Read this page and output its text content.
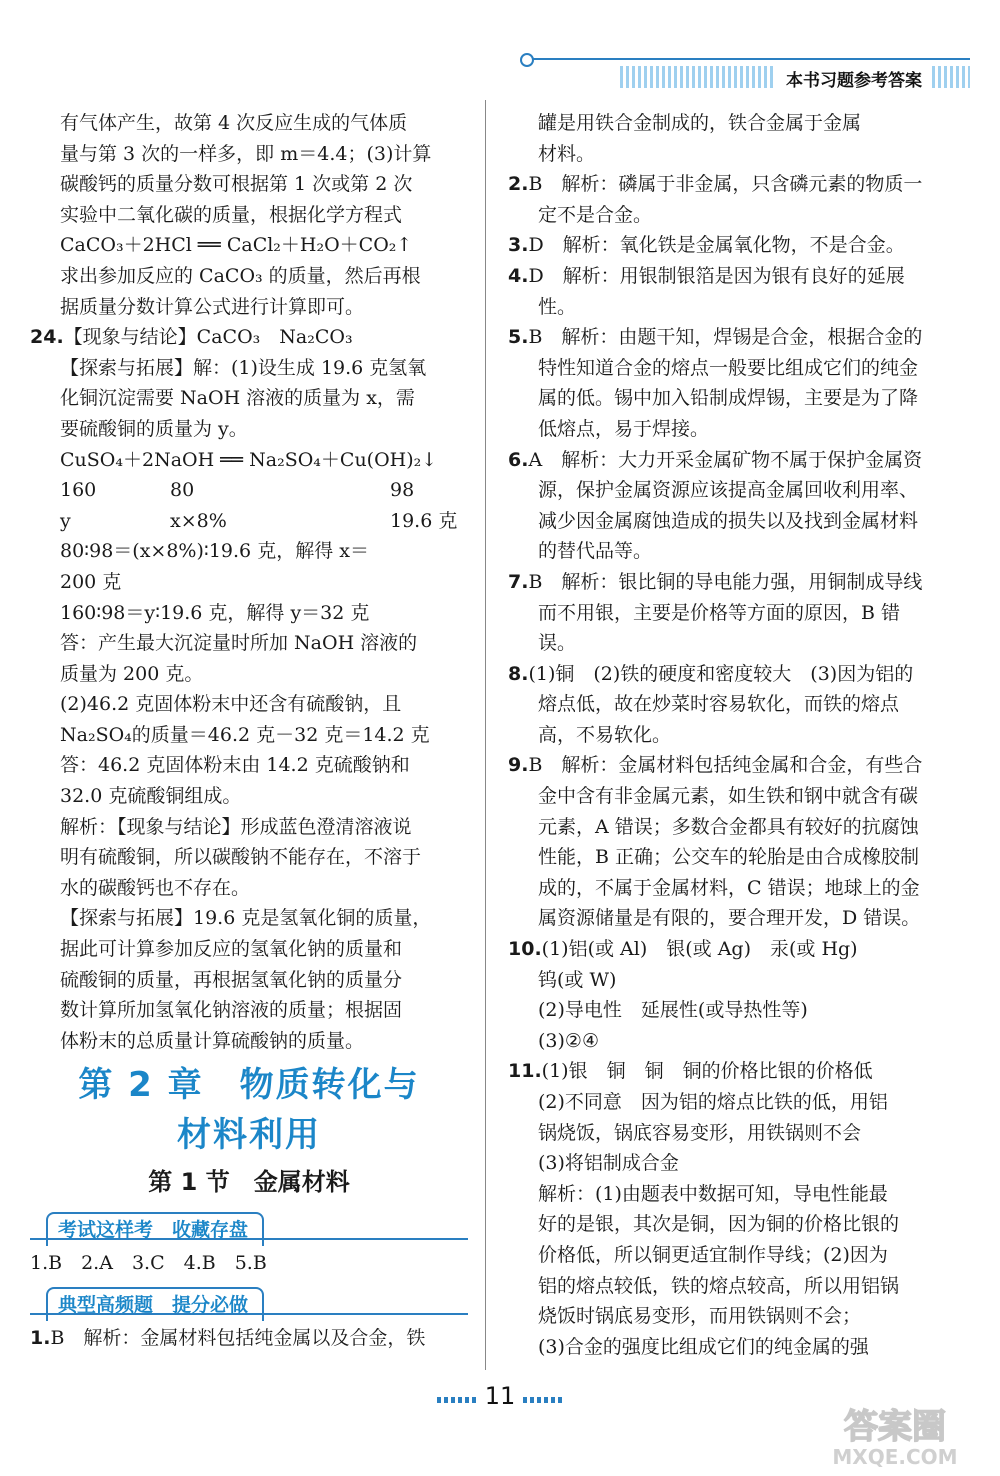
本书习题参考答案

有气体产生，故第 4 次反应生成的气体质

量与第 3 次的一样多，即 m＝4.4；(3)计算

碳酸钙的质量分数可根据第 1 次或第 2 次

实验中二氧化碳的质量，根据化学方程式

CaCO₃＋2HCl ══ CaCl₂＋H₂O＋CO₂↑

求出参加反应的 CaCO₃ 的质量，然后再根

据质量分数计算公式进行计算即可。

24.【现象与结论】CaCO₃　Na₂CO₃

【探索与拓展】解：(1)设生成 19.6 克氢氧

化铜沉淀需要 NaOH 溶液的质量为 x，需

要硫酸铜的质量为 y。

CuSO₄＋2NaOH ══ Na₂SO₄＋Cu(OH)₂↓

160	80	98
y	x×8%	19.6 克

80∶98＝(x×8%)∶19.6 克，解得 x＝

200 克

160∶98＝y∶19.6 克，解得 y＝32 克

答：产生最大沉淀量时所加 NaOH 溶液的

质量为 200 克。

(2)46.2 克固体粉末中还含有硫酸钠，且

Na₂SO₄的质量＝46.2 克－32 克＝14.2 克

答：46.2 克固体粉末由 14.2 克硫酸钠和

32.0 克硫酸铜组成。

解析：【现象与结论】形成蓝色澄清溶液说

明有硫酸铜，所以碳酸钠不能存在，不溶于

水的碳酸钙也不存在。

【探索与拓展】19.6 克是氢氧化铜的质量，

据此可计算参加反应的氢氧化钠的质量和

硫酸铜的质量，再根据氢氧化钠的质量分

数计算所加氢氧化钠溶液的质量；根据固

体粉末的总质量计算硫酸钠的质量。

第 2 章　物质转化与
材料利用
第 1 节　金属材料
考试这样考　收藏存盘

1.B　2.A　3.C　4.B　5.B

典型高频题　提分必做

1.B　解析：金属材料包括纯金属以及合金，铁

罐是用铁合金制成的，铁合金属于金属

材料。

2.B　解析：磷属于非金属，只含磷元素的物质一定不是合金。

3.D　解析：氧化铁是金属氧化物，不是合金。

4.D　解析：用银制银箔是因为银有良好的延展性。

5.B　解析：由题干知，焊锡是合金，根据合金的特性知道合金的熔点一般要比组成它们的纯金属的低。锡中加入铅制成焊锡，主要是为了降低熔点，易于焊接。

6.A　解析：大力开采金属矿物不属于保护金属资源，保护金属资源应该提高金属回收利用率、减少因金属腐蚀造成的损失以及找到金属材料的替代品等。

7.B　解析：银比铜的导电能力强，用铜制成导线而不用银，主要是价格等方面的原因，B 错误。

8.(1)铜　(2)铁的硬度和密度较大　(3)因为铝的熔点低，故在炒菜时容易软化，而铁的熔点高，不易软化。

9.B　解析：金属材料包括纯金属和合金，有些合金中含有非金属元素，如生铁和钢中就含有碳元素，A 错误；多数合金都具有较好的抗腐蚀性能，B 正确；公交车的轮胎是由合成橡胶制成的，不属于金属材料，C 错误；地球上的金属资源储量是有限的，要合理开发，D 错误。

10.(1)铝(或 Al)　银(或 Ag)　汞(或 Hg)

钨(或 W)

(2)导电性　延展性(或导热性等)

(3)②④

11.(1)银　铜　铜　铜的价格比银的价格低

(2)不同意　因为铝的熔点比铁的低，用铝

锅烧饭，锅底容易变形，用铁锅则不会

(3)将铝制成合金

解析：(1)由题表中数据可知，导电性能最

好的是银，其次是铜，因为铜的价格比银的

价格低，所以铜更适宜制作导线；(2)因为

铝的熔点较低，铁的熔点较高，所以用铝锅

烧饭时锅底易变形，而用铁锅则不会；

(3)合金的强度比组成它们的纯金属的强

11
答案圈
MXQE.COM
